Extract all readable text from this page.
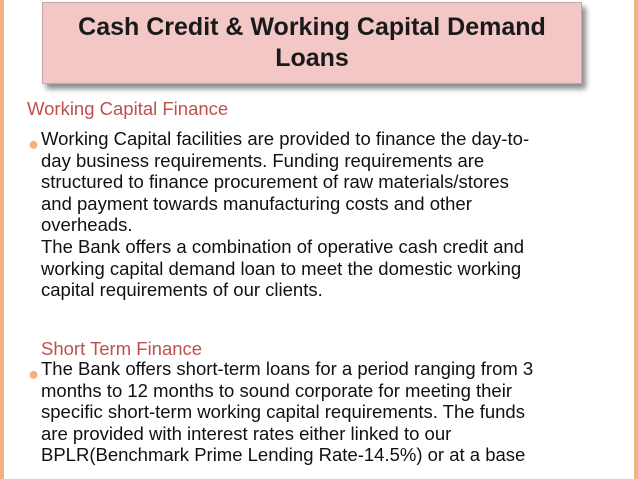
Cash Credit & Working Capital Demand
Loans
Working Capital Finance
● Working Capital facilities are provided to finance the day-to-
day business requirements. Funding requirements are
structured to finance procurement of raw materials/stores
and payment towards manufacturing costs and other
overheads.
The Bank offers a combination of operative cash credit and
working capital demand loan to meet the domestic working
capital requirements of our clients.
Short Term Finance
● The Bank offers short-term loans for a period ranging from 3
months to 12 months to sound corporate for meeting their
specific short-term working capital requirements. The funds
are provided with interest rates either linked to our
BPLR(Benchmark Prime Lending Rate-14.5%) or at a base
